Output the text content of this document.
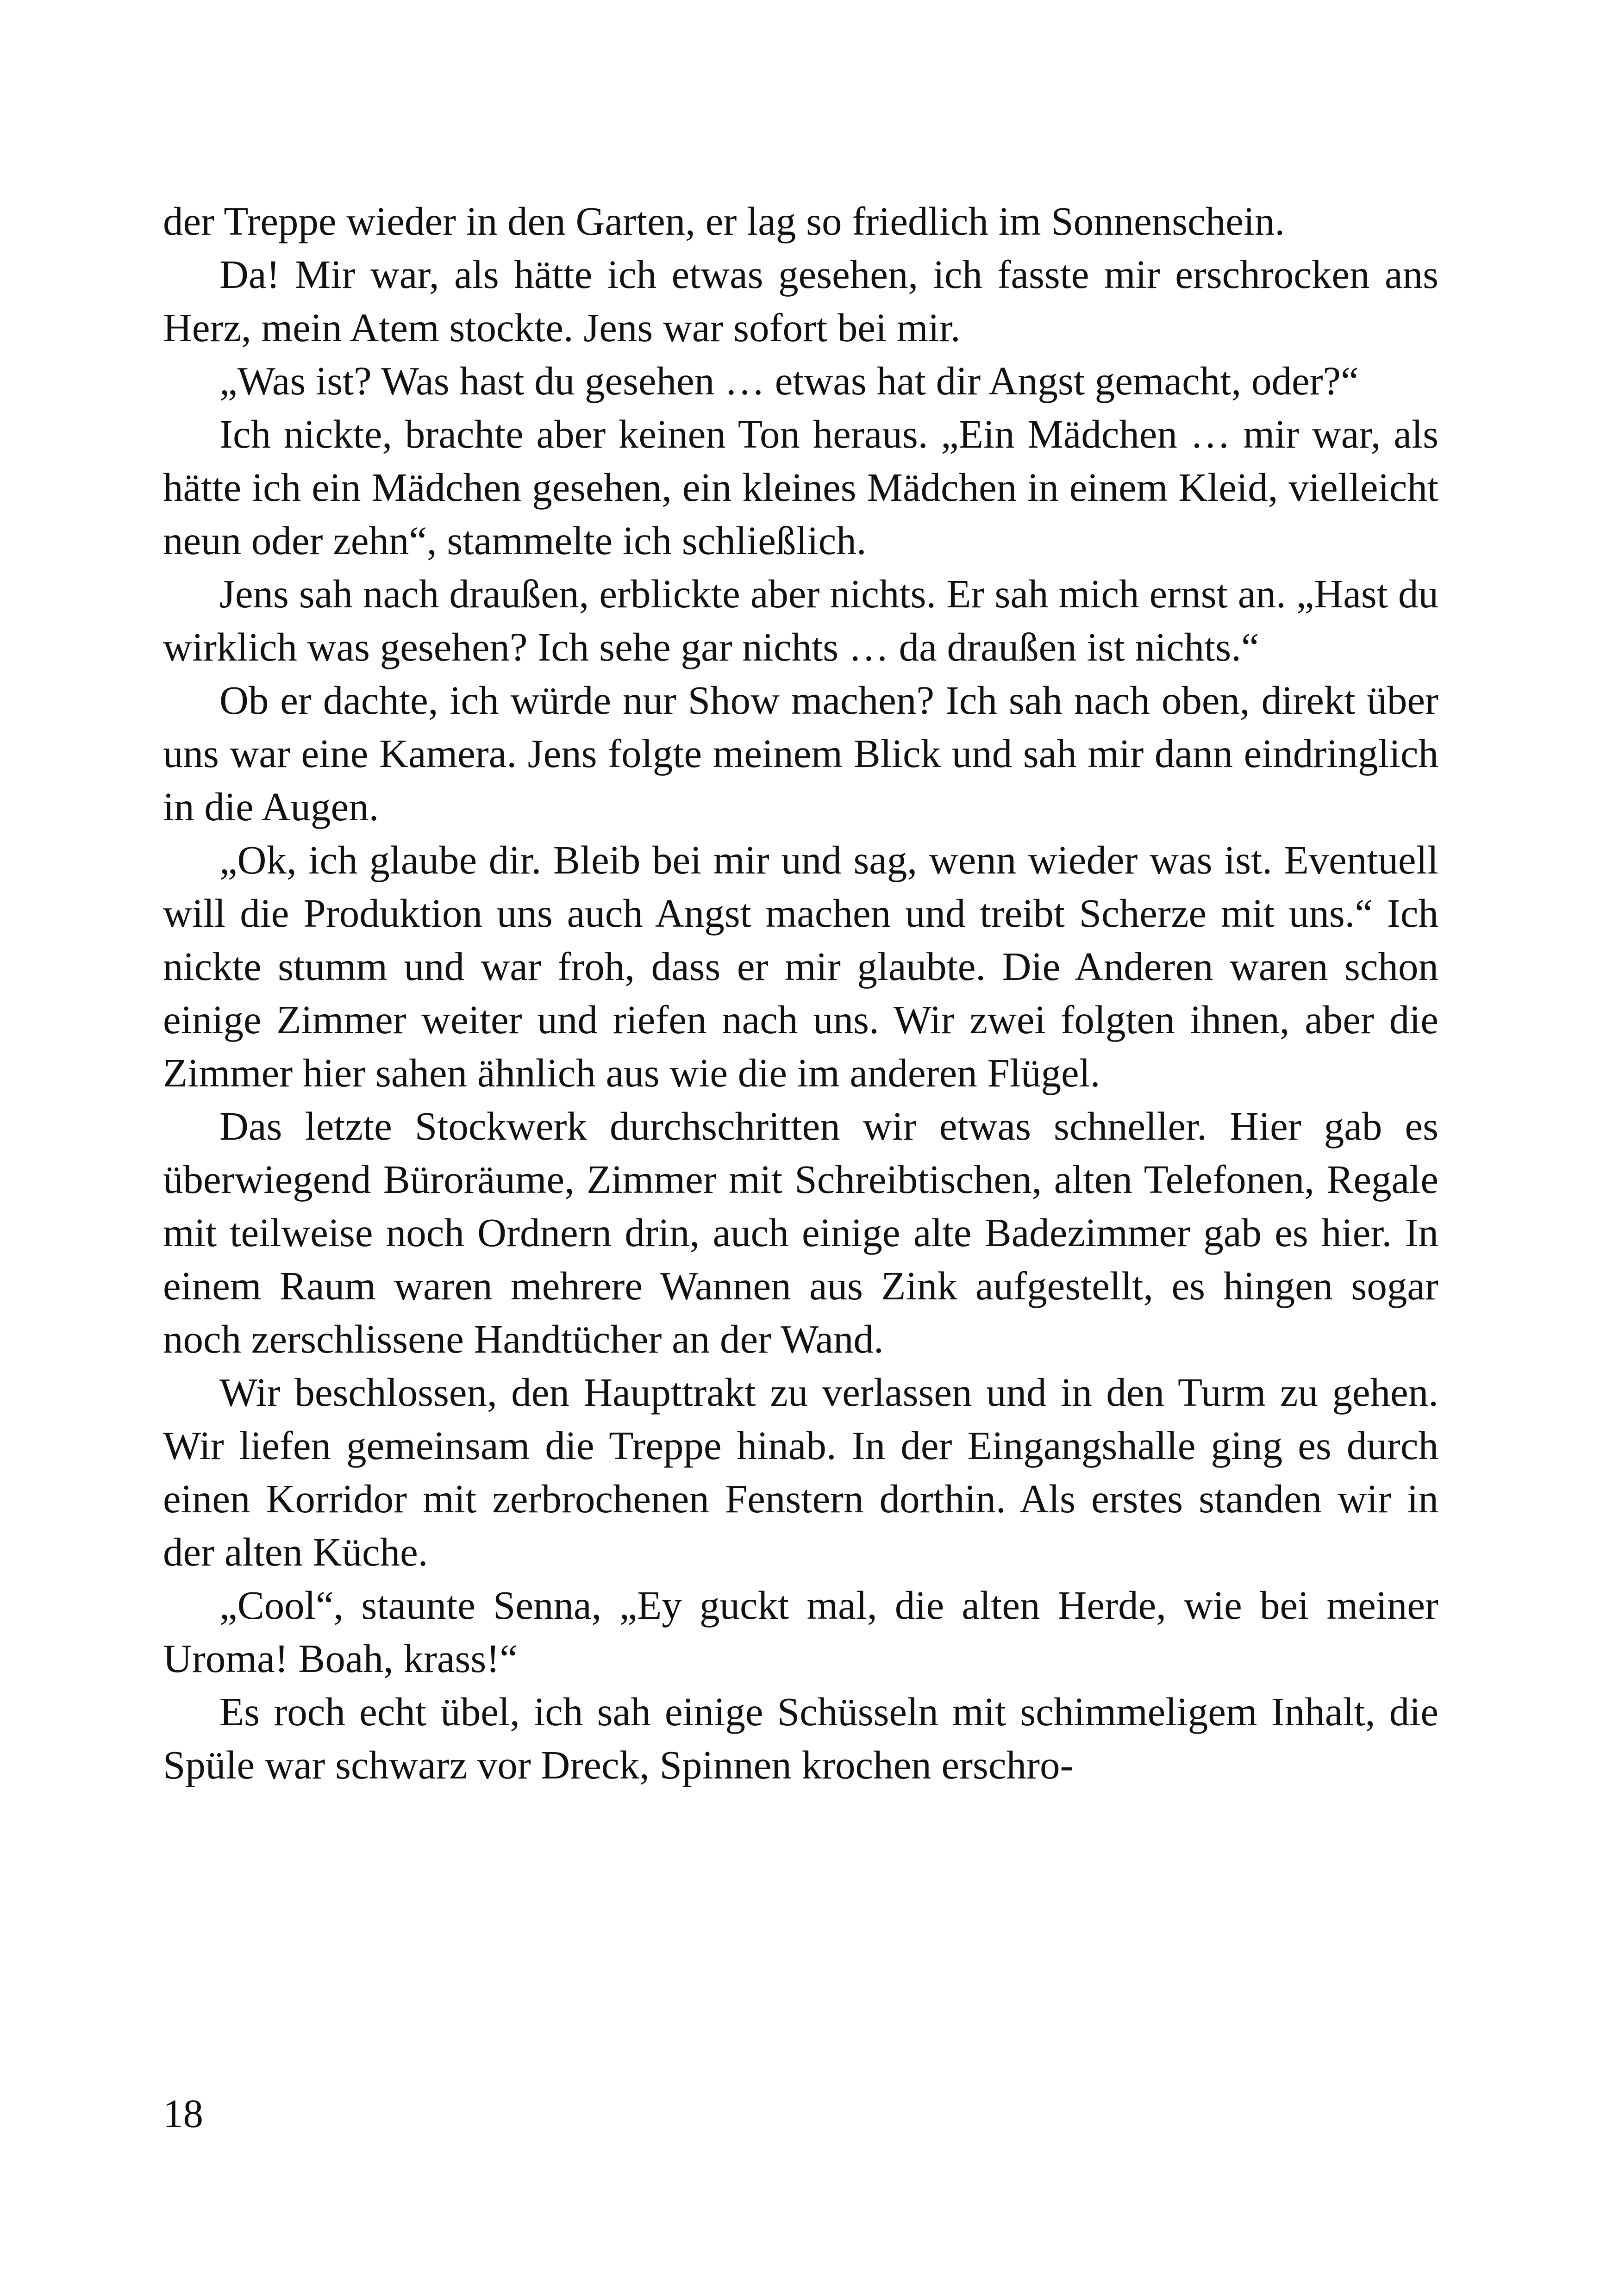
der Treppe wieder in den Garten, er lag so friedlich im Sonnenschein.

Da! Mir war, als hätte ich etwas gesehen, ich fasste mir erschrocken ans Herz, mein Atem stockte. Jens war sofort bei mir.

„Was ist? Was hast du gesehen … etwas hat dir Angst gemacht, oder?“

Ich nickte, brachte aber keinen Ton heraus. „Ein Mädchen … mir war, als hätte ich ein Mädchen gesehen, ein kleines Mädchen in einem Kleid, vielleicht neun oder zehn“, stammelte ich schließlich.

Jens sah nach draußen, erblickte aber nichts. Er sah mich ernst an. „Hast du wirklich was gesehen? Ich sehe gar nichts … da draußen ist nichts.“

Ob er dachte, ich würde nur Show machen? Ich sah nach oben, direkt über uns war eine Kamera. Jens folgte meinem Blick und sah mir dann eindringlich in die Augen.

„Ok, ich glaube dir. Bleib bei mir und sag, wenn wieder was ist. Eventuell will die Produktion uns auch Angst machen und treibt Scherze mit uns.“ Ich nickte stumm und war froh, dass er mir glaubte. Die Anderen waren schon einige Zimmer weiter und riefen nach uns. Wir zwei folgten ihnen, aber die Zimmer hier sahen ähnlich aus wie die im anderen Flügel.

Das letzte Stockwerk durchschritten wir etwas schneller. Hier gab es überwiegend Büroräume, Zimmer mit Schreibtischen, alten Telefonen, Regale mit teilweise noch Ordnern drin, auch einige alte Badezimmer gab es hier. In einem Raum waren mehrere Wannen aus Zink aufgestellt, es hingen sogar noch zerschlissene Handtücher an der Wand.

Wir beschlossen, den Haupttrakt zu verlassen und in den Turm zu gehen. Wir liefen gemeinsam die Treppe hinab. In der Eingangshalle ging es durch einen Korridor mit zerbrochenen Fenstern dorthin. Als erstes standen wir in der alten Küche.

„Cool“, staunte Senna, „Ey guckt mal, die alten Herde, wie bei meiner Uroma! Boah, krass!“

Es roch echt übel, ich sah einige Schüsseln mit schimmeligem Inhalt, die Spüle war schwarz vor Dreck, Spinnen krochen erschro-

18
